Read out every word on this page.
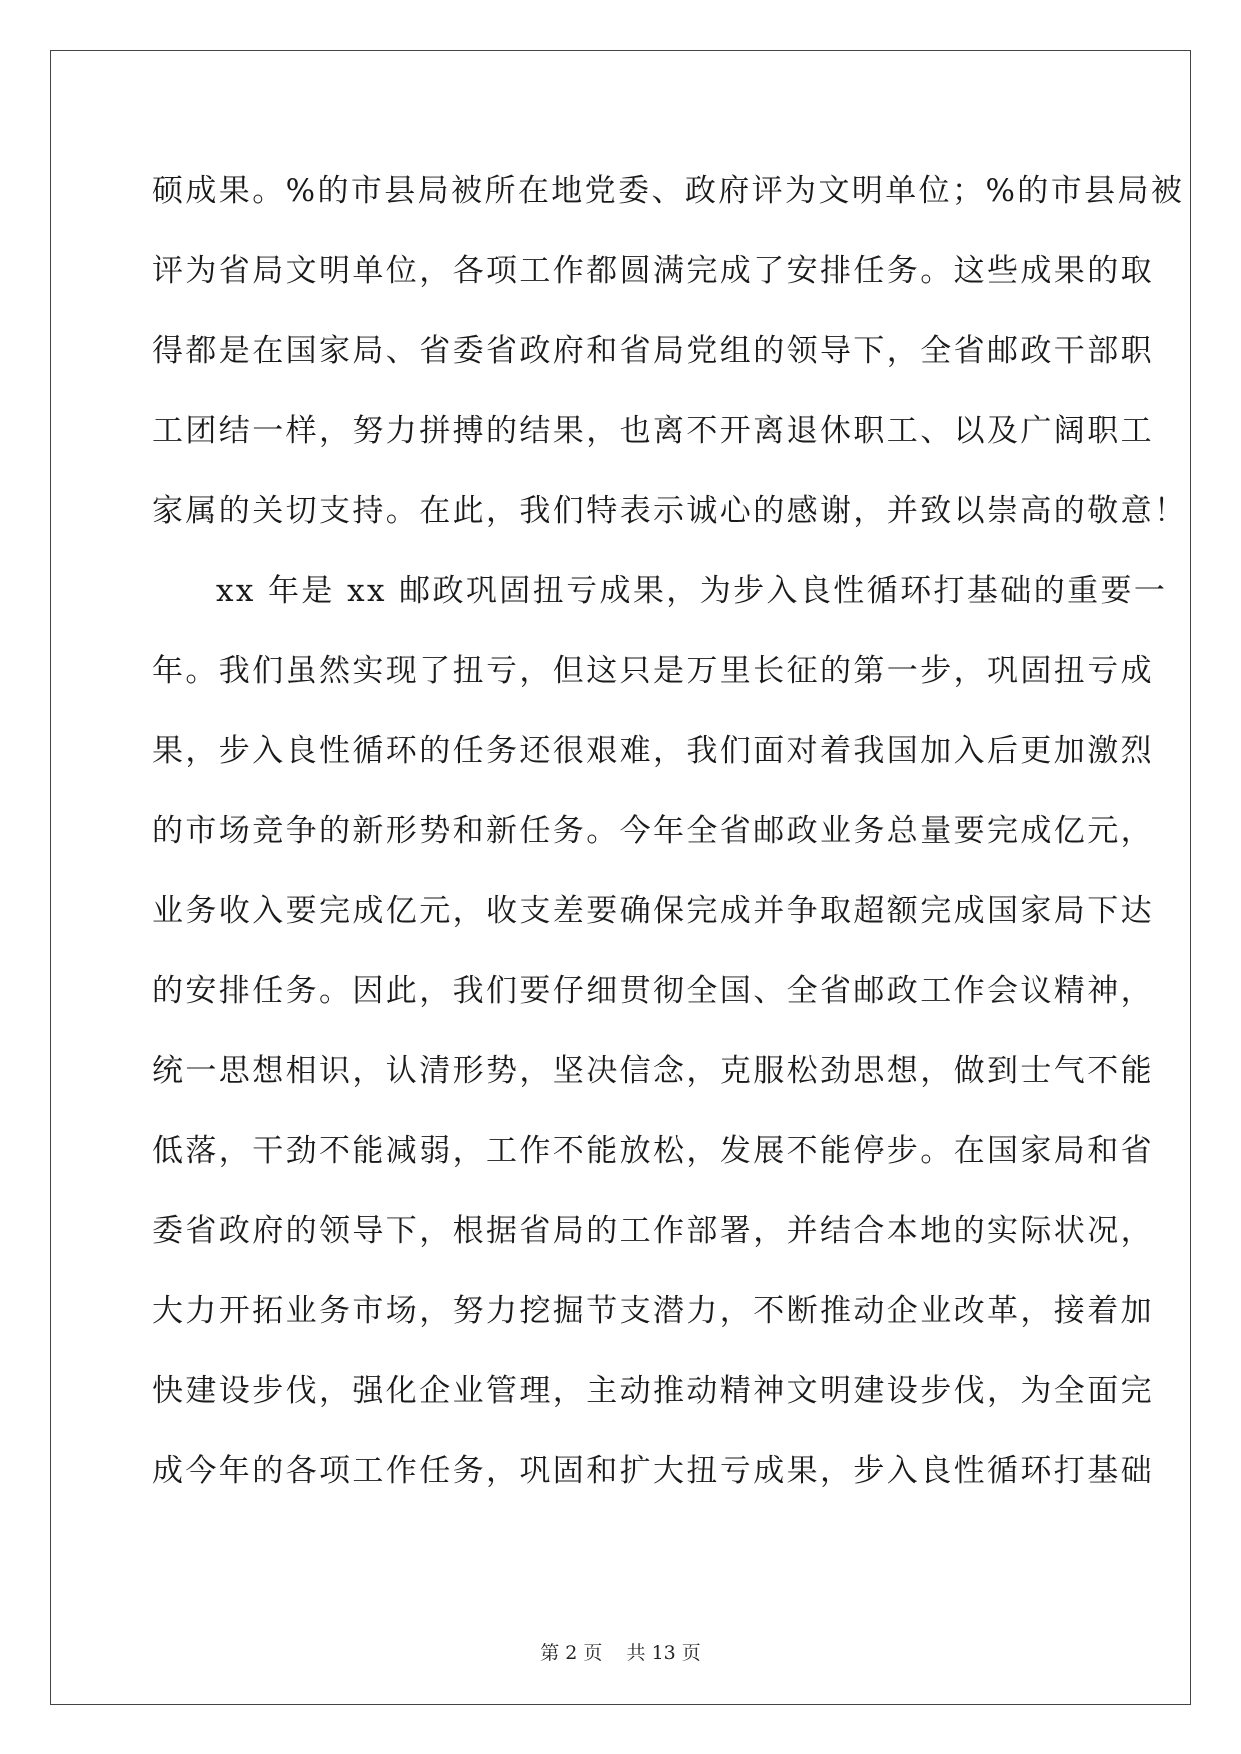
硕成果。%的市县局被所在地党委、政府评为文明单位；%的市县局被
评为省局文明单位，各项工作都圆满完成了安排任务。这些成果的取
得都是在国家局、省委省政府和省局党组的领导下，全省邮政干部职
工团结一样，努力拼搏的结果，也离不开离退休职工、以及广阔职工
家属的关切支持。在此，我们特表示诚心的感谢，并致以崇高的敬意！
xx 年是 xx 邮政巩固扭亏成果，为步入良性循环打基础的重要一
年。我们虽然实现了扭亏，但这只是万里长征的第一步，巩固扭亏成
果，步入良性循环的任务还很艰难，我们面对着我国加入后更加激烈
的市场竞争的新形势和新任务。今年全省邮政业务总量要完成亿元，
业务收入要完成亿元，收支差要确保完成并争取超额完成国家局下达
的安排任务。因此，我们要仔细贯彻全国、全省邮政工作会议精神，
统一思想相识，认清形势，坚决信念，克服松劲思想，做到士气不能
低落，干劲不能减弱，工作不能放松，发展不能停步。在国家局和省
委省政府的领导下，根据省局的工作部署，并结合本地的实际状况，
大力开拓业务市场，努力挖掘节支潜力，不断推动企业改革，接着加
快建设步伐，强化企业管理，主动推动精神文明建设步伐，为全面完
成今年的各项工作任务，巩固和扩大扭亏成果，步入良性循环打基础
第 2 页 共 13 页
